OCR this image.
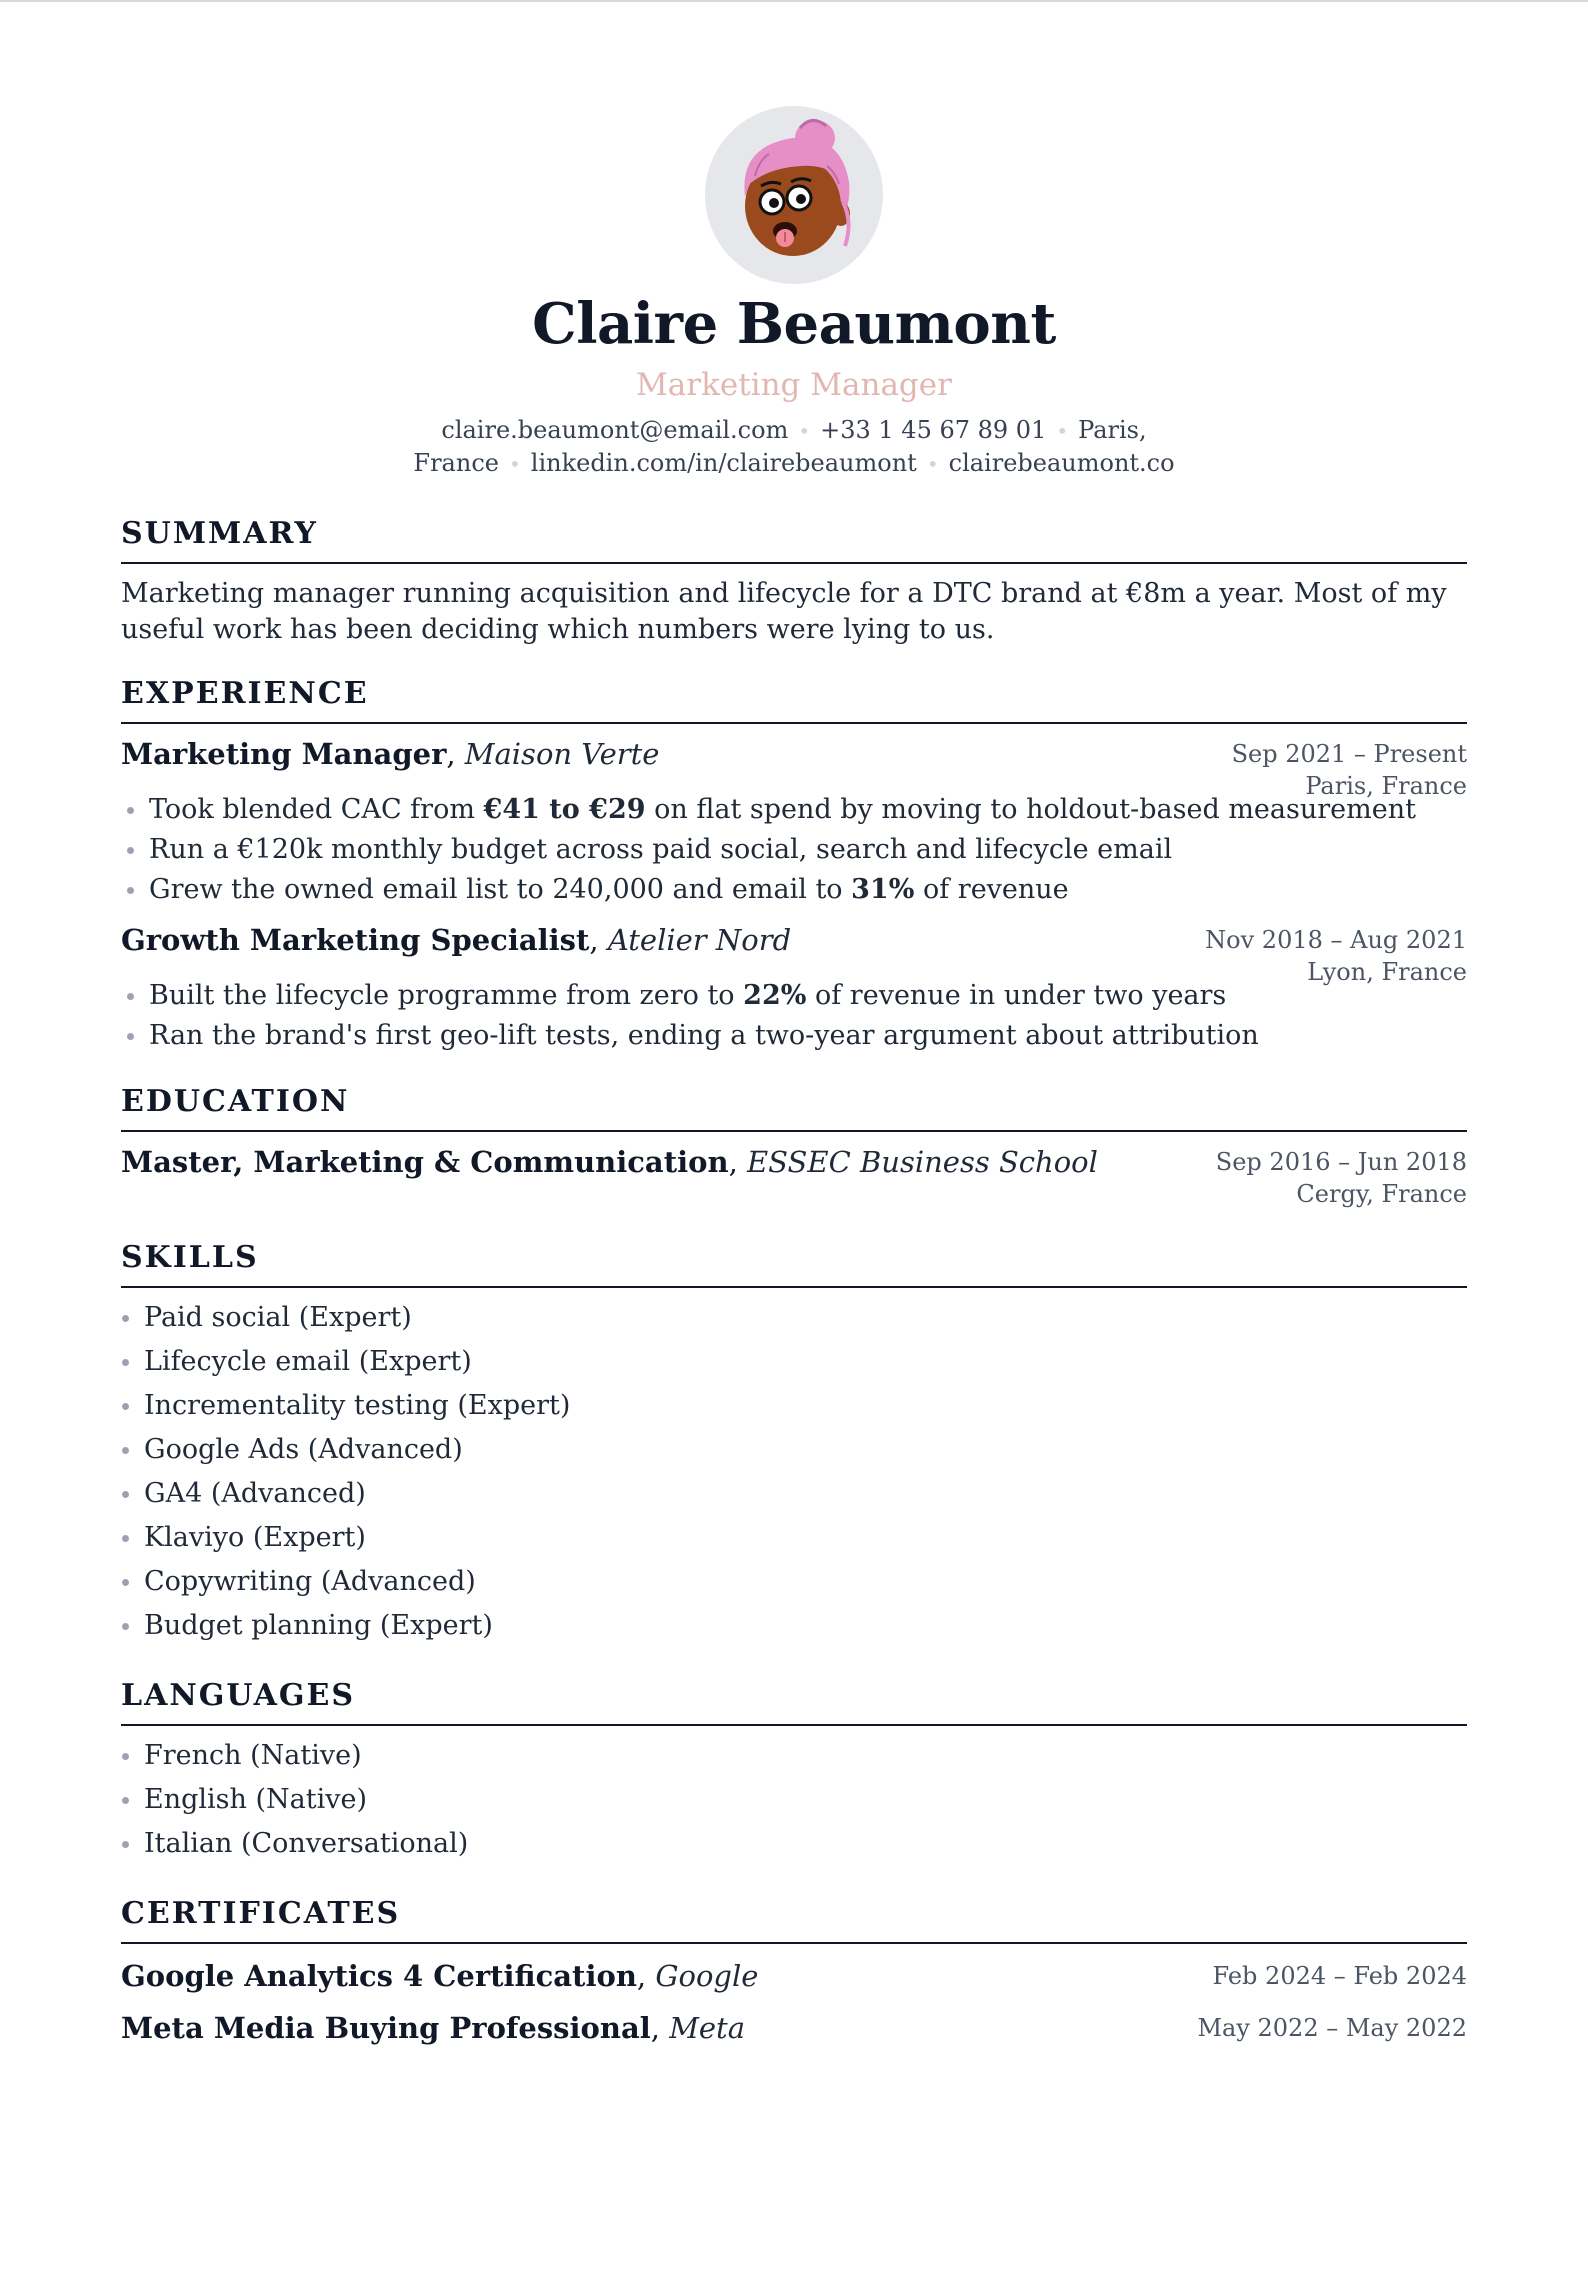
Claire Beaumont
Marketing Manager
claire.beaumont@email.com • +33 1 45 67 89 01 • Paris,
France • linkedin.com/in/clairebeaumont • clairebeaumont.co
SUMMARY
Marketing manager running acquisition and lifecycle for a DTC brand at €8m a year. Most of my useful work has been deciding which numbers were lying to us.
EXPERIENCE
Marketing Manager, Maison Verte	Sep 2021 – Present
Paris, France
Took blended CAC from €41 to €29 on flat spend by moving to holdout-based measurement
Run a €120k monthly budget across paid social, search and lifecycle email
Grew the owned email list to 240,000 and email to 31% of revenue
Growth Marketing Specialist, Atelier Nord	Nov 2018 – Aug 2021
Lyon, France
Built the lifecycle programme from zero to 22% of revenue in under two years
Ran the brand's first geo-lift tests, ending a two-year argument about attribution
EDUCATION
Master, Marketing & Communication, ESSEC Business School	Sep 2016 – Jun 2018
Cergy, France
SKILLS
Paid social (Expert)
Lifecycle email (Expert)
Incrementality testing (Expert)
Google Ads (Advanced)
GA4 (Advanced)
Klaviyo (Expert)
Copywriting (Advanced)
Budget planning (Expert)
LANGUAGES
French (Native)
English (Native)
Italian (Conversational)
CERTIFICATES
Google Analytics 4 Certification, Google	Feb 2024 – Feb 2024
Meta Media Buying Professional, Meta	May 2022 – May 2022
